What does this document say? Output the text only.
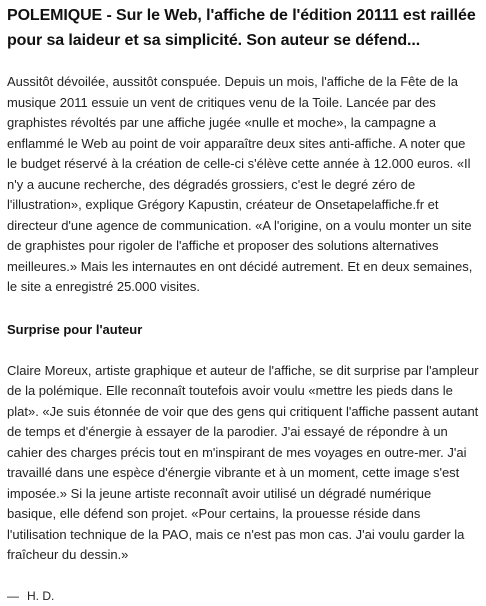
POLEMIQUE - Sur le Web, l'affiche de l'édition 20111 est raillée pour sa laideur et sa simplicité. Son auteur se défend...

Aussitôt dévoilée, aussitôt conspuée. Depuis un mois, l'affiche de la Fête de la musique 2011 essuie un vent de critiques venu de la Toile. Lancée par des graphistes révoltés par une affiche jugée «nulle et moche», la campagne a enflammé le Web au point de voir apparaître deux sites anti-affiche. A noter que le budget réservé à la création de celle-ci s'élève cette année à 12.000 euros. «Il n'y a aucune recherche, des dégradés grossiers, c'est le degré zéro de l'illustration», explique Grégory Kapustin, créateur de Onsetapelaffiche.fr et directeur d'une agence de communication. «A l'origine, on a voulu monter un site de graphistes pour rigoler de l'affiche et proposer des solutions alternatives meilleures.» Mais les internautes en ont décidé autrement. Et en deux semaines, le site a enregistré 25.000 visites.

Surprise pour l'auteur

Claire Moreux, artiste graphique et auteur de l'affiche, se dit surprise par l'ampleur de la polémique. Elle reconnaît toutefois avoir voulu «mettre les pieds dans le plat». «Je suis étonnée de voir que des gens qui critiquent l'affiche passent autant de temps et d'énergie à essayer de la parodier. J'ai essayé de répondre à un cahier des charges précis tout en m'inspirant de mes voyages en outre-mer. J'ai travaillé dans une espèce d'énergie vibrante et à un moment, cette image s'est imposée.» Si la jeune artiste reconnaît avoir utilisé un dégradé numérique basique, elle défend son projet. «Pour certains, la prouesse réside dans l'utilisation technique de la PAO, mais ce n'est pas mon cas. J'ai voulu garder la fraîcheur du dessin.»

— H. D.
